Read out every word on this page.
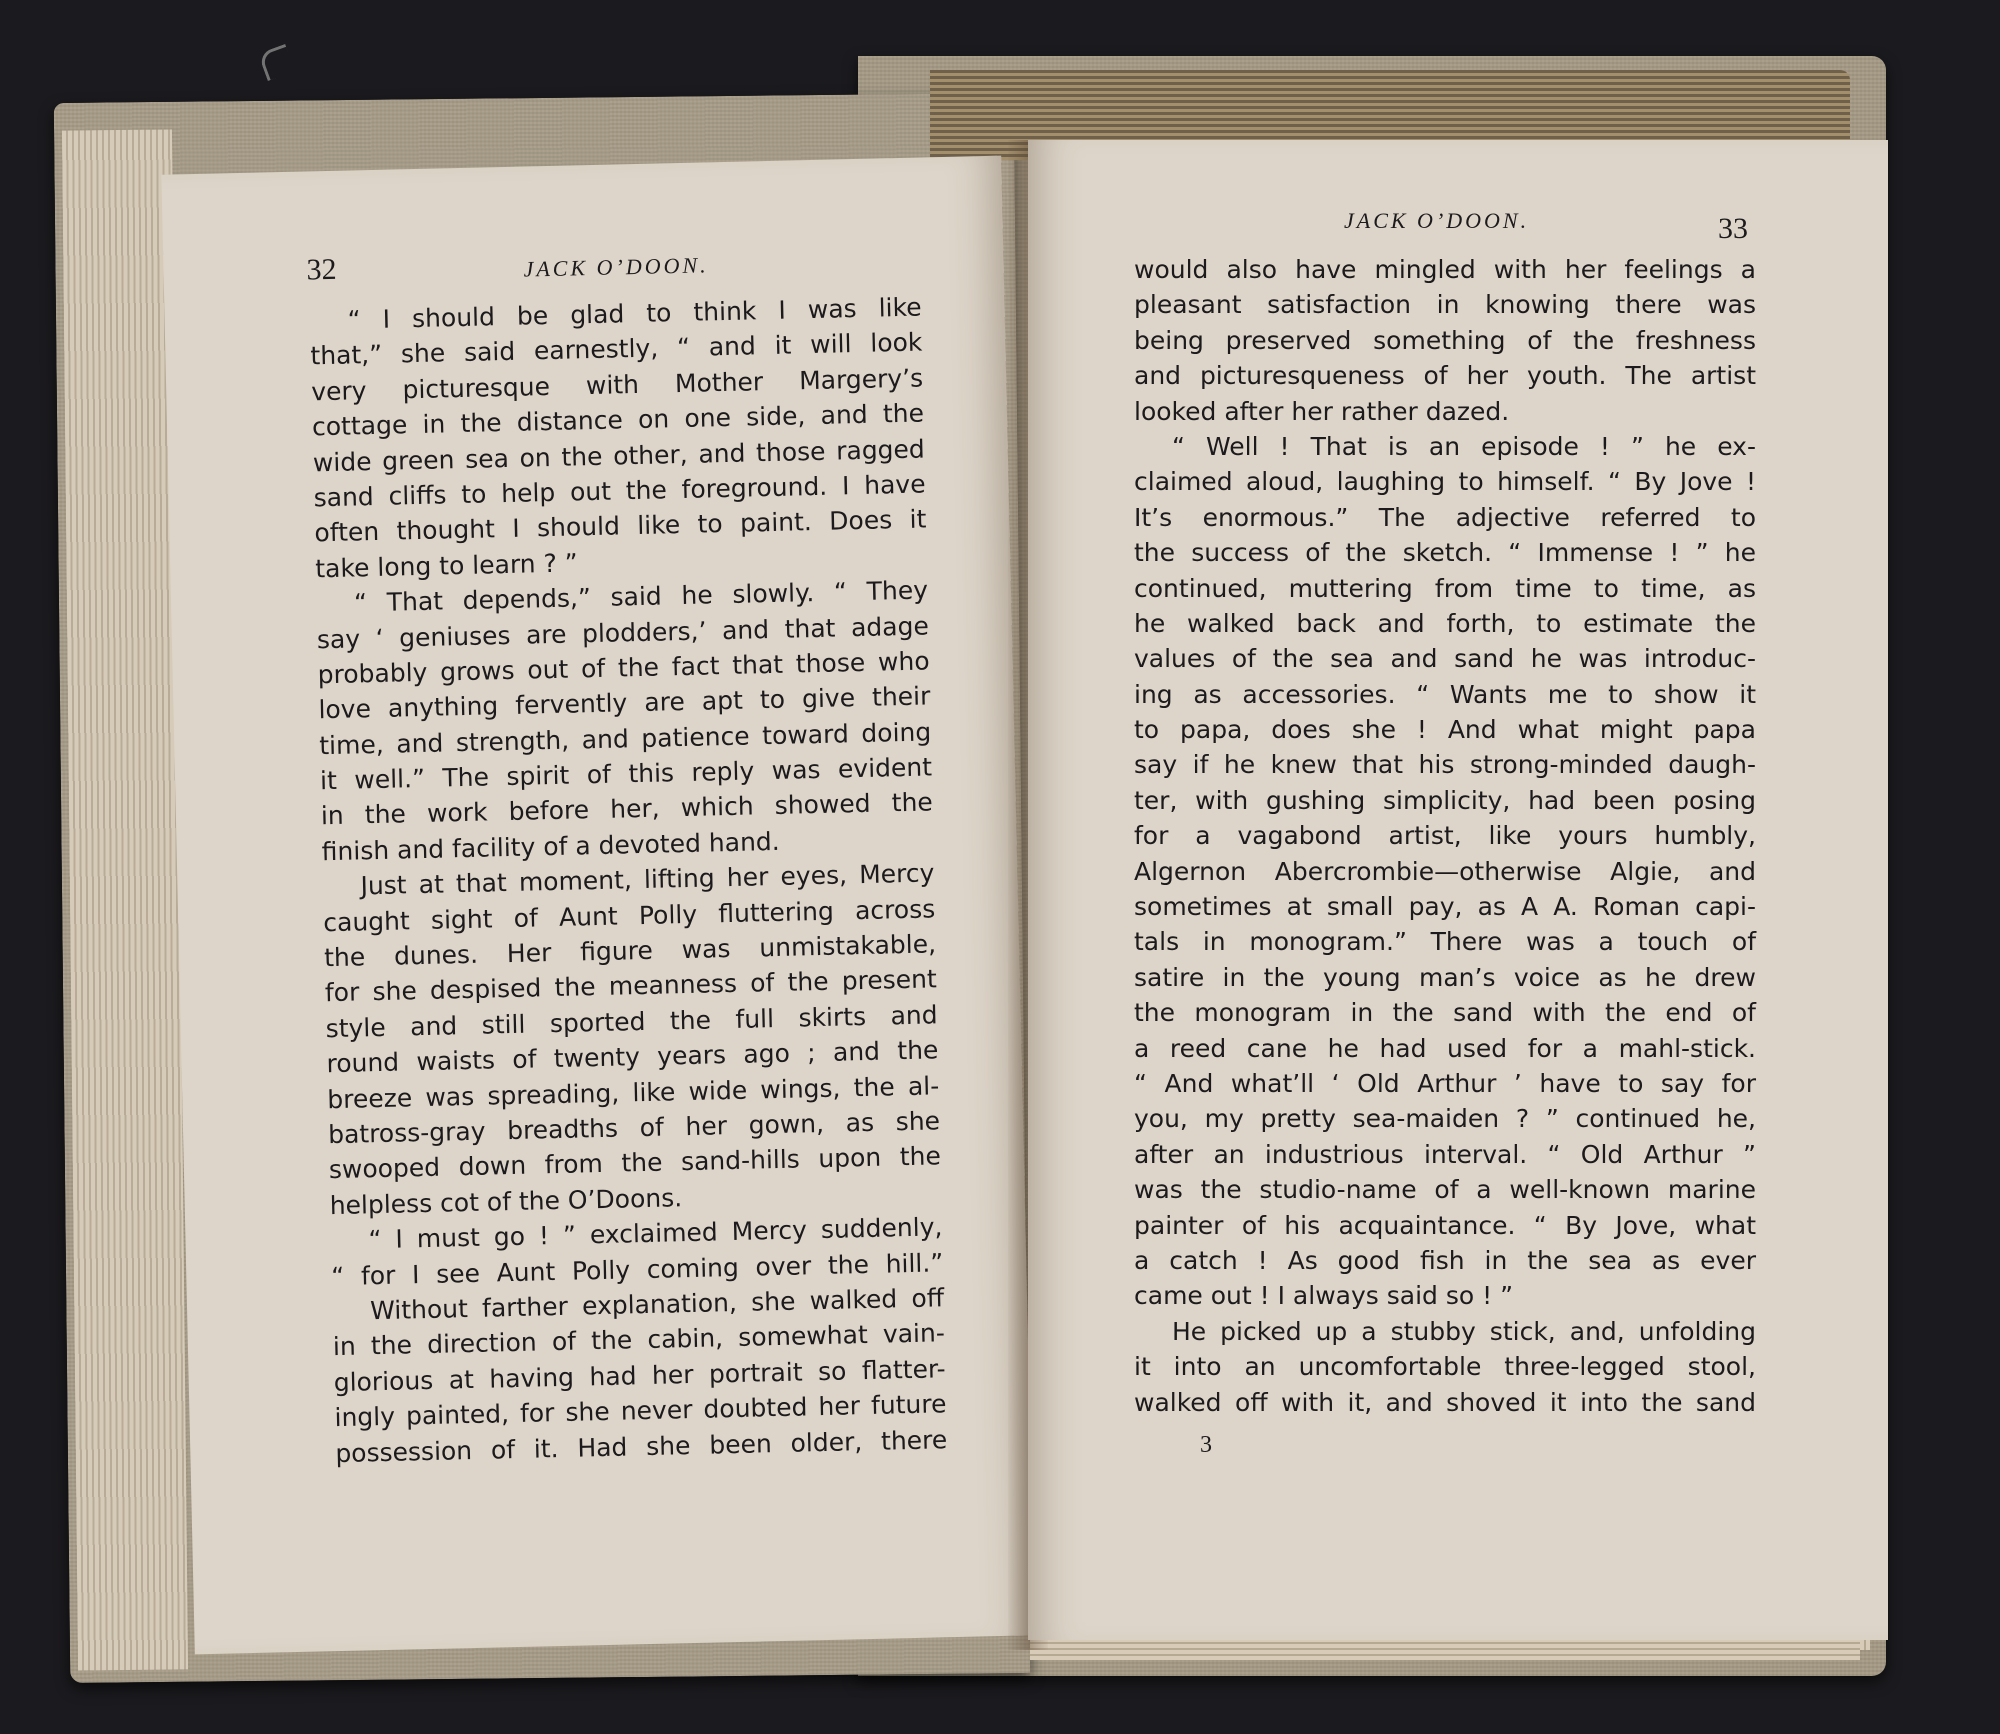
32	JACK O’DOON.
“ I should be glad to think I was like
that,” she said earnestly, “ and it will look
very picturesque with Mother Margery’s
cottage in the distance on one side, and the
wide green sea on the other, and those ragged
sand cliffs to help out the foreground. I have
often thought I should like to paint. Does it
take long to learn ? ”
“ That depends,” said he slowly. “ They
say ‘ geniuses are plodders,’ and that adage
probably grows out of the fact that those who
love anything fervently are apt to give their
time, and strength, and patience toward doing
it well.” The spirit of this reply was evident
in the work before her, which showed the
finish and facility of a devoted hand.
Just at that moment, lifting her eyes, Mercy
caught sight of Aunt Polly fluttering across
the dunes. Her figure was unmistakable,
for she despised the meanness of the present
style and still sported the full skirts and
round waists of twenty years ago ; and the
breeze was spreading, like wide wings, the al-
batross-gray breadths of her gown, as she
swooped down from the sand-hills upon the
helpless cot of the O’Doons.
“ I must go ! ” exclaimed Mercy suddenly,
“ for I see Aunt Polly coming over the hill.”
Without farther explanation, she walked off
in the direction of the cabin, somewhat vain-
glorious at having had her portrait so flatter-
ingly painted, for she never doubted her future
possession of it. Had she been older, there
JACK O’DOON.	33
would also have mingled with her feelings a
pleasant satisfaction in knowing there was
being preserved something of the freshness
and picturesqueness of her youth. The artist
looked after her rather dazed.
“ Well ! That is an episode ! ” he ex-
claimed aloud, laughing to himself. “ By Jove !
It’s enormous.” The adjective referred to
the success of the sketch. “ Immense ! ” he
continued, muttering from time to time, as
he walked back and forth, to estimate the
values of the sea and sand he was introduc-
ing as accessories. “ Wants me to show it
to papa, does she ! And what might papa
say if he knew that his strong-minded daugh-
ter, with gushing simplicity, had been posing
for a vagabond artist, like yours humbly,
Algernon Abercrombie—otherwise Algie, and
sometimes at small pay, as A A. Roman capi-
tals in monogram.” There was a touch of
satire in the young man’s voice as he drew
the monogram in the sand with the end of
a reed cane he had used for a mahl-stick.
“ And what’ll ‘ Old Arthur ’ have to say for
you, my pretty sea-maiden ? ” continued he,
after an industrious interval. “ Old Arthur ”
was the studio-name of a well-known marine
painter of his acquaintance. “ By Jove, what
a catch ! As good fish in the sea as ever
came out ! I always said so ! ”
He picked up a stubby stick, and, unfolding
it into an uncomfortable three-legged stool,
walked off with it, and shoved it into the sand
3
